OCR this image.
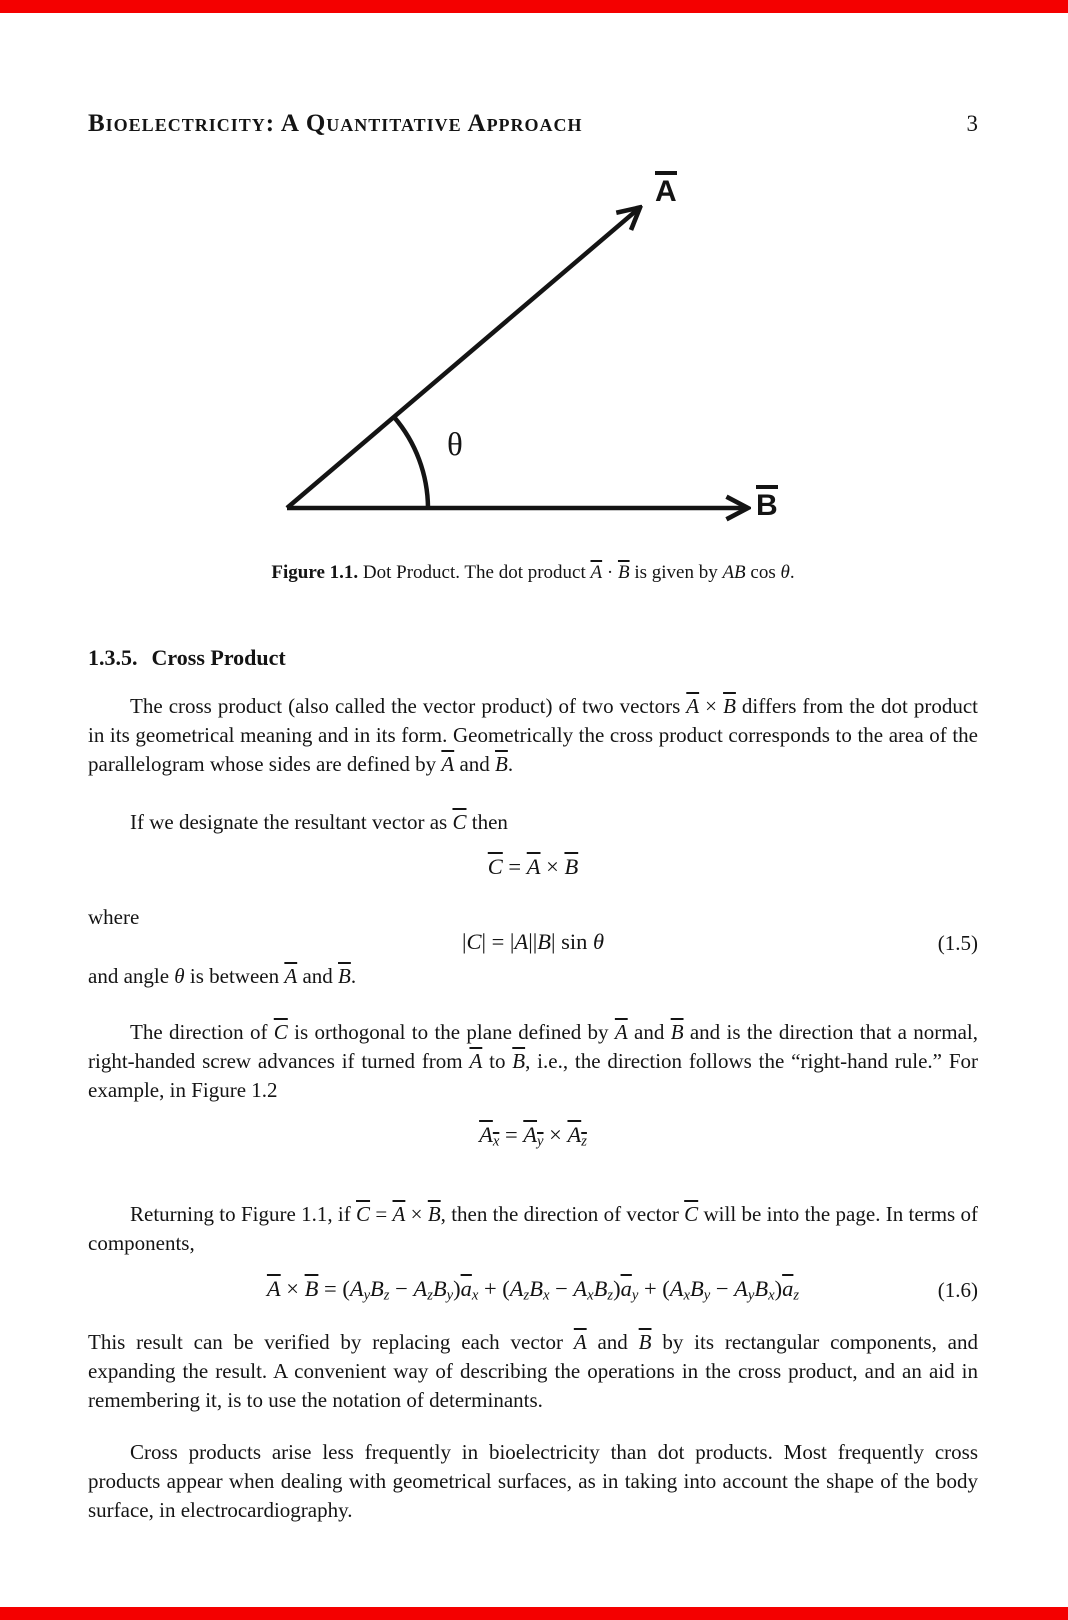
Bioelectricity: A Quantitative Approach	3
A
B
θ

Figure 1.1. Dot Product. The dot product $\overline{A} \cdot \overline{B}$ is given by AB cos θ.

1.3.5. Cross Product

The cross product (also called the vector product) of two vectors $\overline{A} \times \overline{B}$ differs from the dot product in its geometrical meaning and in its form. Geometrically the cross product corresponds to the area of the parallelogram whose sides are defined by $\overline{A}$ and $\overline{B}$.

If we designate the resultant vector as $\overline{C}$ then

$\overline{C} = \overline{A} \times \overline{B}$

where

|C| = |A||B| sin θ	(1.5)

and angle θ is between $\overline{A}$ and $\overline{B}$.

The direction of $\overline{C}$ is orthogonal to the plane defined by $\overline{A}$ and $\overline{B}$ and is the direction that a normal, right-handed screw advances if turned from $\overline{A}$ to $\overline{B}$, i.e., the direction follows the “right-hand rule.” For example, in Figure 1.2

$A_x = A_y \times A_z$

Returning to Figure 1.1, if $\overline{C} = \overline{A} \times \overline{B}$, then the direction of vector $\overline{C}$ will be into the page. In terms of components,

$\overline{A} \times \overline{B} = (A_yB_z - A_zB_y)\overline{a}_x + (A_zB_x - A_xB_z)\overline{a}_y + (A_xB_y - A_yB_x)\overline{a}_z$	(1.6)

This result can be verified by replacing each vector $\overline{A}$ and $\overline{B}$ by its rectangular components, and expanding the result. A convenient way of describing the operations in the cross product, and an aid in remembering it, is to use the notation of determinants.

Cross products arise less frequently in bioelectricity than dot products. Most frequently cross products appear when dealing with geometrical surfaces, as in taking into account the shape of the body surface, in electrocardiography.
